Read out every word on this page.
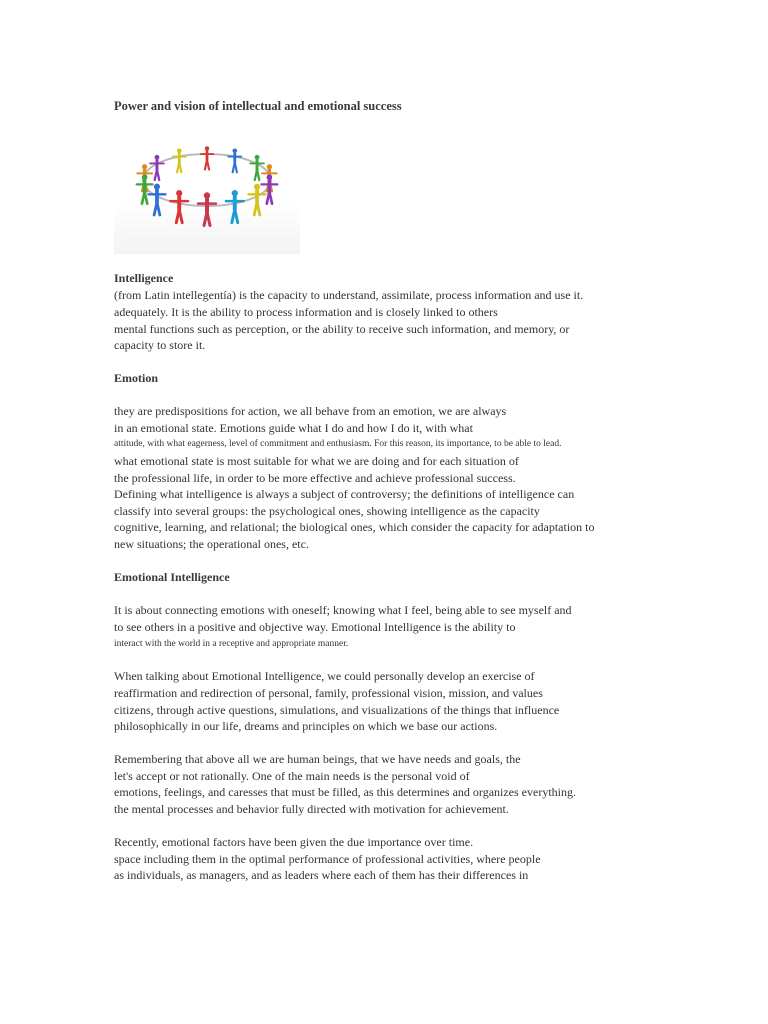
Power and vision of intellectual and emotional success
Intelligence

(from Latin intellegentía) is the capacity to understand, assimilate, process information and use it.

adequately. It is the ability to process information and is closely linked to others

mental functions such as perception, or the ability to receive such information, and memory, or

capacity to store it.

Emotion

they are predispositions for action, we all behave from an emotion, we are always

in an emotional state. Emotions guide what I do and how I do it, with what

attitude, with what eagerness, level of commitment and enthusiasm. For this reason, its importance, to be able to lead.

what emotional state is most suitable for what we are doing and for each situation of

the professional life, in order to be more effective and achieve professional success.

Defining what intelligence is always a subject of controversy; the definitions of intelligence can

classify into several groups: the psychological ones, showing intelligence as the capacity

cognitive, learning, and relational; the biological ones, which consider the capacity for adaptation to

new situations; the operational ones, etc.

Emotional Intelligence

It is about connecting emotions with oneself; knowing what I feel, being able to see myself and

to see others in a positive and objective way. Emotional Intelligence is the ability to

interact with the world in a receptive and appropriate manner.

When talking about Emotional Intelligence, we could personally develop an exercise of

reaffirmation and redirection of personal, family, professional vision, mission, and values

citizens, through active questions, simulations, and visualizations of the things that influence

philosophically in our life, dreams and principles on which we base our actions.

Remembering that above all we are human beings, that we have needs and goals, the

let's accept or not rationally. One of the main needs is the personal void of

emotions, feelings, and caresses that must be filled, as this determines and organizes everything.

the mental processes and behavior fully directed with motivation for achievement.

Recently, emotional factors have been given the due importance over time.

space including them in the optimal performance of professional activities, where people

as individuals, as managers, and as leaders where each of them has their differences in
